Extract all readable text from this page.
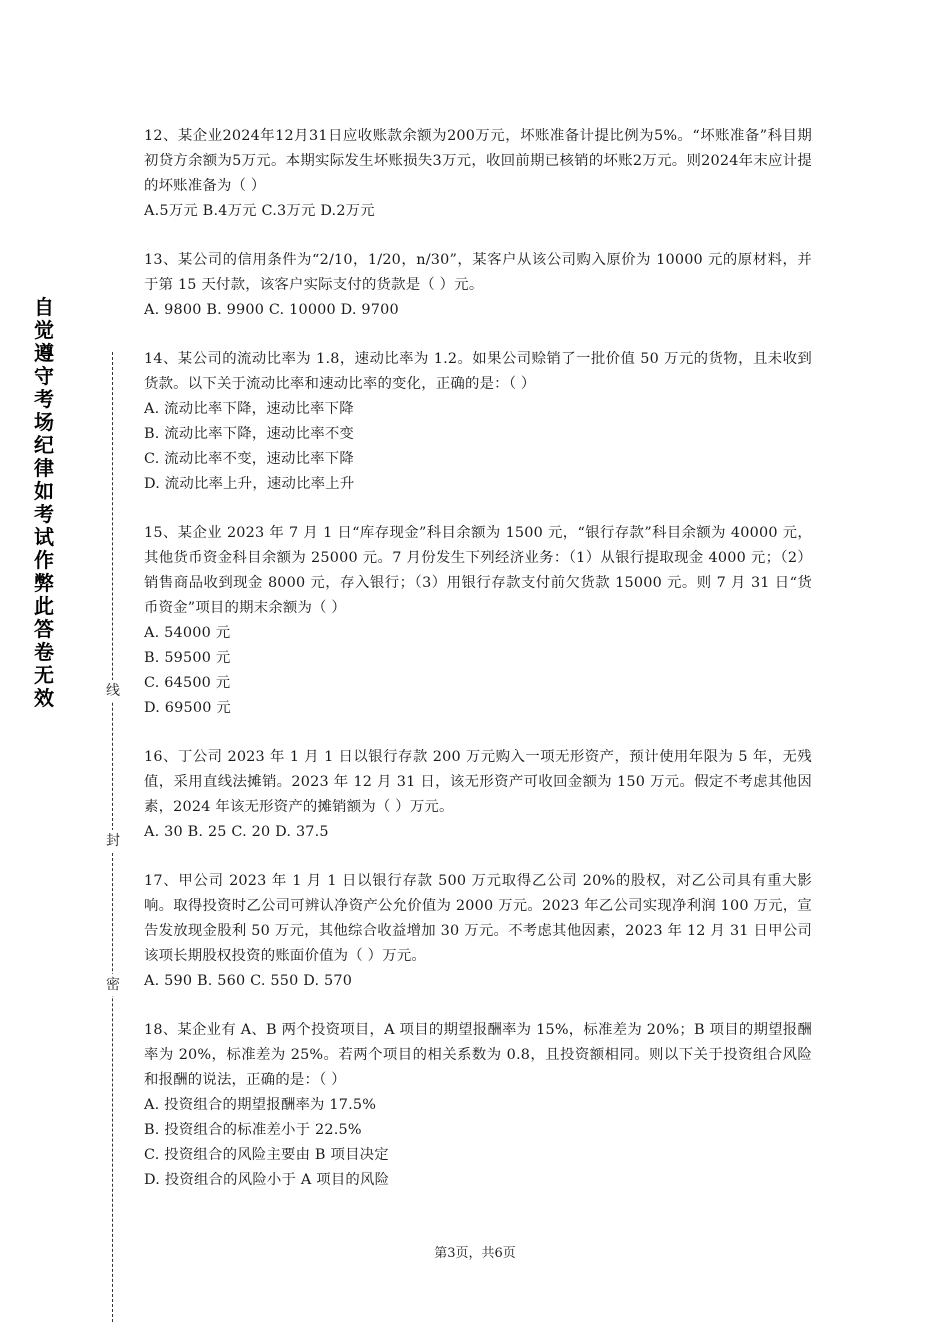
自觉遵守考场纪律如考试作弊此答卷无效	线
封
密

12、某企业2024年12月31日应收账款余额为200万元，坏账准备计提比例为5%。“坏账准备”科目期初贷方余额为5万元。本期实际发生坏账损失3万元，收回前期已核销的坏账2万元。则2024年末应计提的坏账准备为（ ）

A.5万元 B.4万元 C.3万元 D.2万元

13、某公司的信用条件为“2/10，1/20，n/30”，某客户从该公司购入原价为 10000 元的原材料，并于第 15 天付款，该客户实际支付的货款是（ ）元。

A. 9800 B. 9900 C. 10000 D. 9700

14、某公司的流动比率为 1.8，速动比率为 1.2。如果公司赊销了一批价值 50 万元的货物，且未收到货款。以下关于流动比率和速动比率的变化，正确的是：（ ）

A. 流动比率下降，速动比率下降

B. 流动比率下降，速动比率不变

C. 流动比率不变，速动比率下降

D. 流动比率上升，速动比率上升

15、某企业 2023 年 7 月 1 日“库存现金”科目余额为 1500 元，“银行存款”科目余额为 40000 元，其他货币资金科目余额为 25000 元。7 月份发生下列经济业务：（1）从银行提取现金 4000 元；（2）销售商品收到现金 8000 元，存入银行；（3）用银行存款支付前欠货款 15000 元。则 7 月 31 日“货币资金”项目的期末余额为（ ）

A. 54000 元

B. 59500 元

C. 64500 元

D. 69500 元

16、丁公司 2023 年 1 月 1 日以银行存款 200 万元购入一项无形资产，预计使用年限为 5 年，无残值，采用直线法摊销。2023 年 12 月 31 日，该无形资产可收回金额为 150 万元。假定不考虑其他因素，2024 年该无形资产的摊销额为（ ）万元。

A. 30 B. 25 C. 20 D. 37.5

17、甲公司 2023 年 1 月 1 日以银行存款 500 万元取得乙公司 20%的股权，对乙公司具有重大影响。取得投资时乙公司可辨认净资产公允价值为 2000 万元。2023 年乙公司实现净利润 100 万元，宣告发放现金股利 50 万元，其他综合收益增加 30 万元。不考虑其他因素，2023 年 12 月 31 日甲公司该项长期股权投资的账面价值为（ ）万元。

A. 590 B. 560 C. 550 D. 570

18、某企业有 A、B 两个投资项目，A 项目的期望报酬率为 15%，标准差为 20%；B 项目的期望报酬率为 20%，标准差为 25%。若两个项目的相关系数为 0.8，且投资额相同。则以下关于投资组合风险和报酬的说法，正确的是：（ ）

A. 投资组合的期望报酬率为 17.5%

B. 投资组合的标准差小于 22.5%

C. 投资组合的风险主要由 B 项目决定

D. 投资组合的风险小于 A 项目的风险

第3页，共6页
